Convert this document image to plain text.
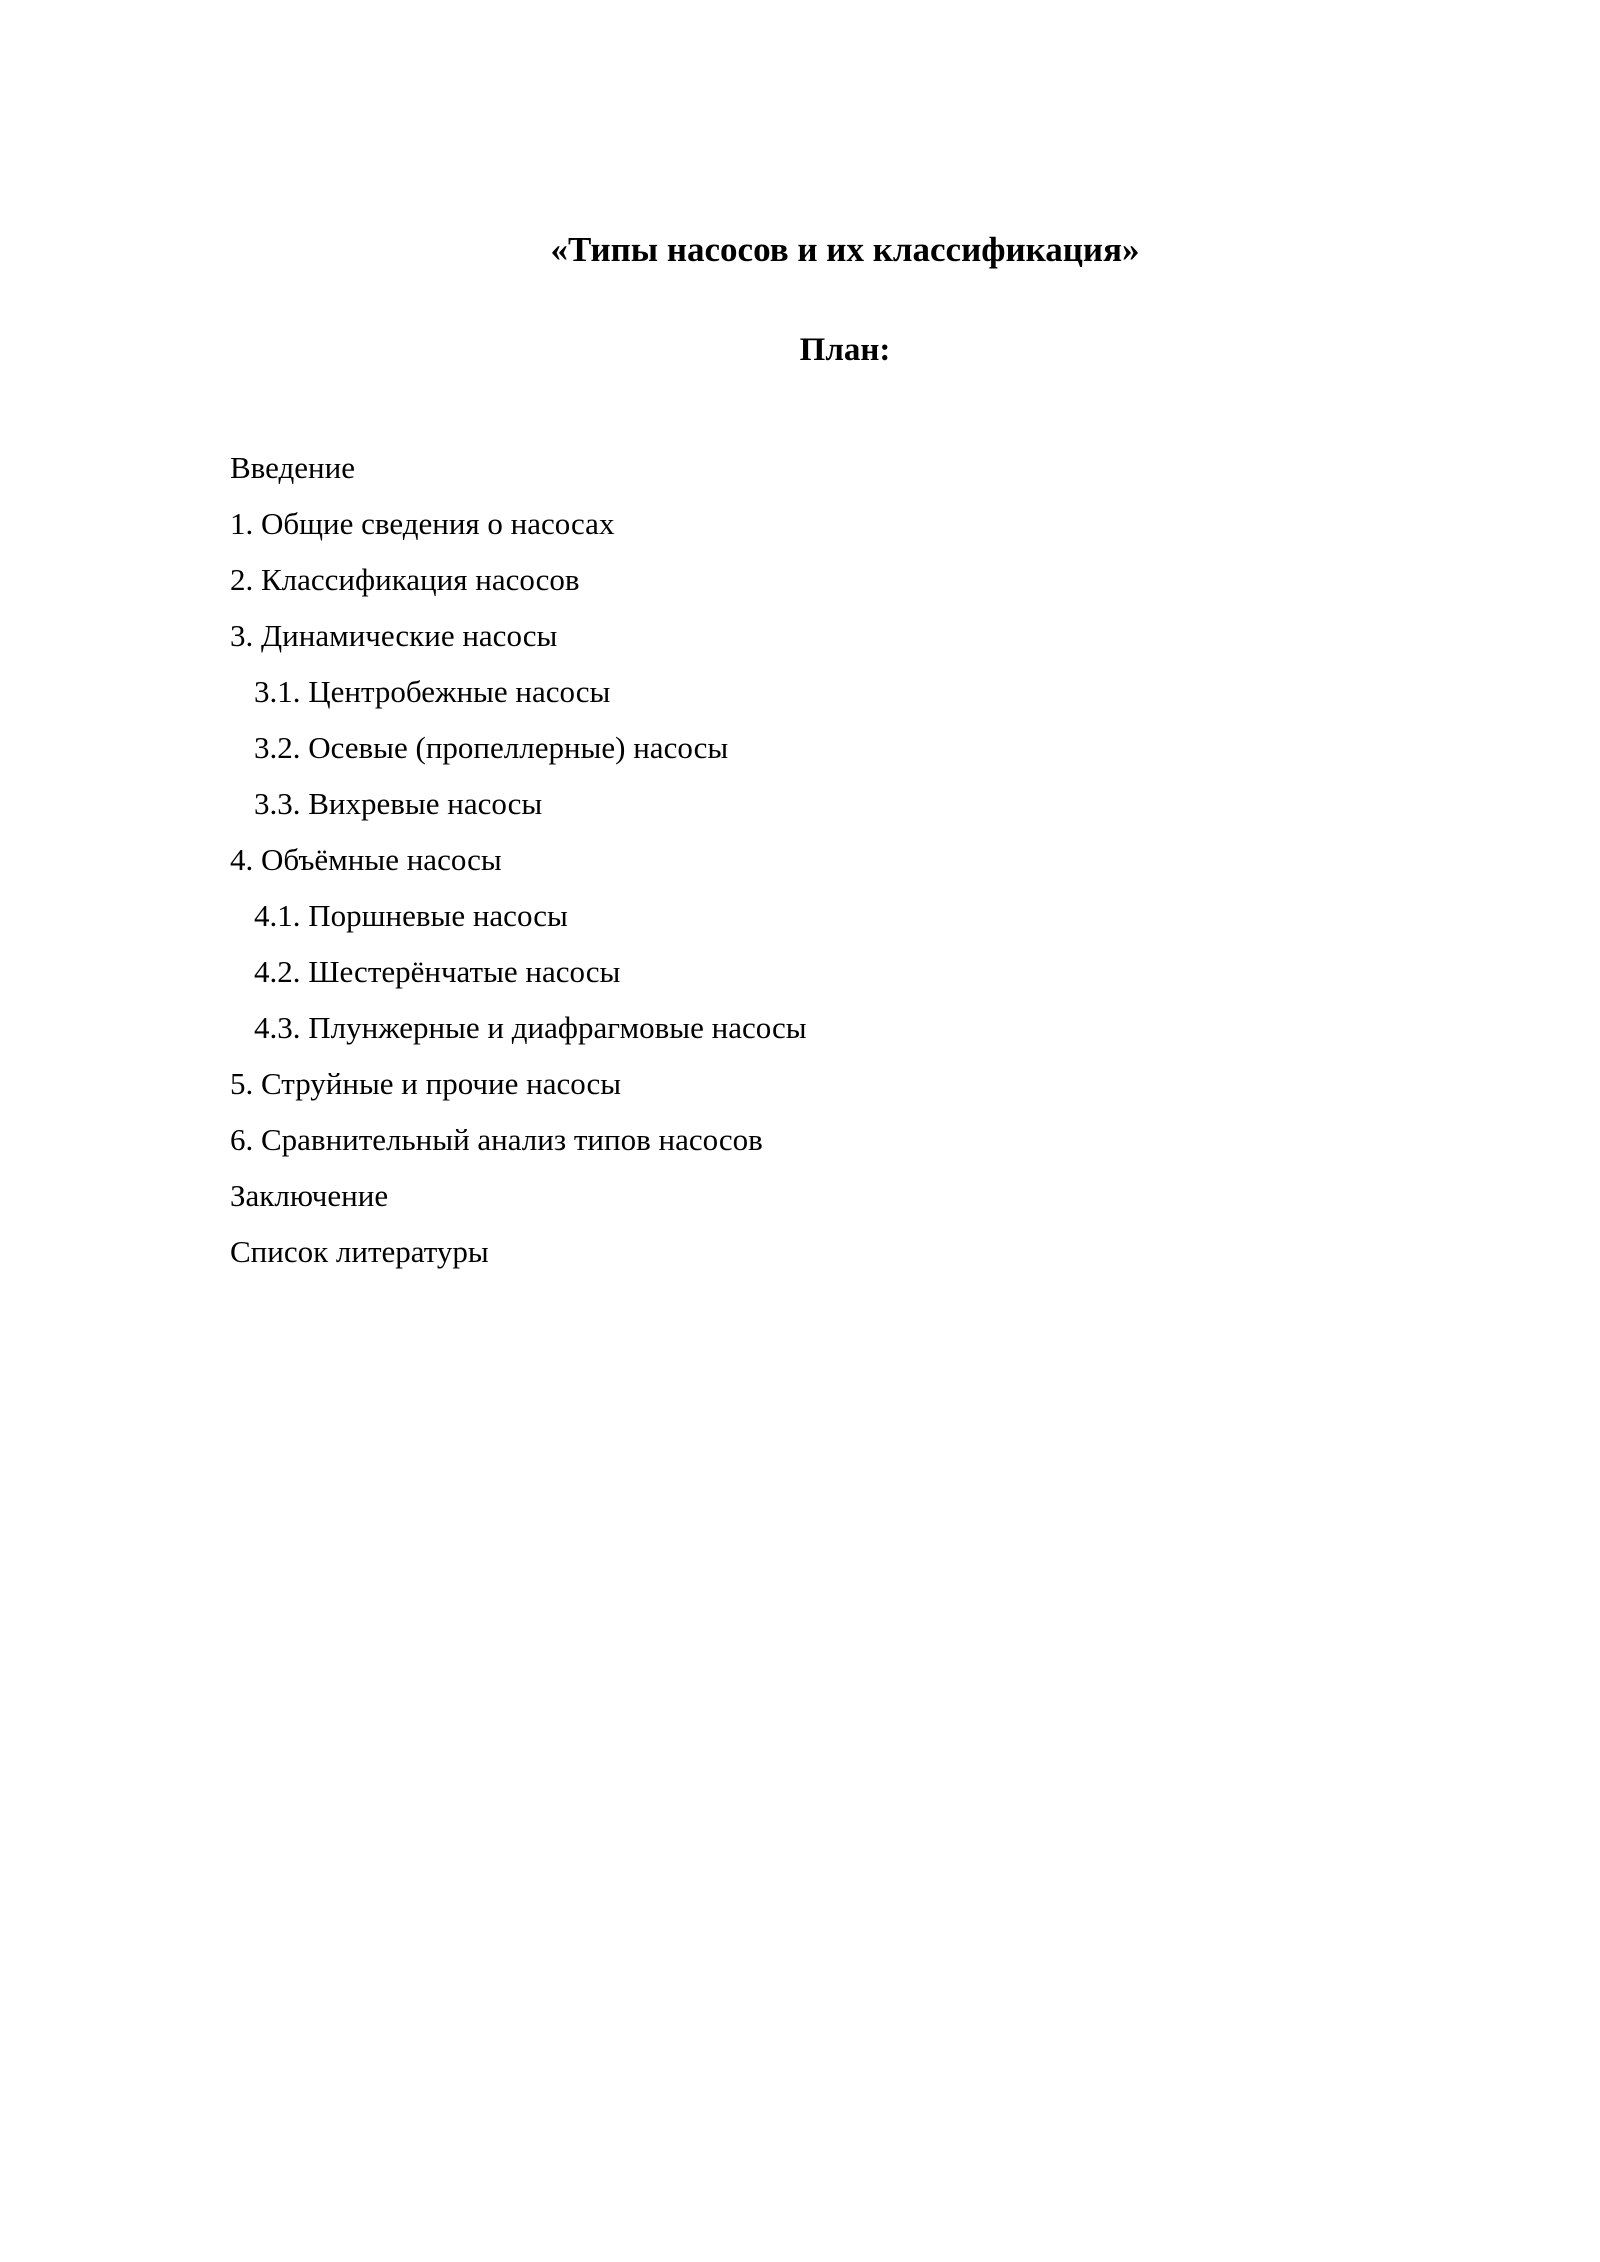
«Типы насосов и их классификация»
План:
Введение
1. Общие сведения о насосах
2. Классификация насосов
3. Динамические насосы
3.1. Центробежные насосы
3.2. Осевые (пропеллерные) насосы
3.3. Вихревые насосы
4. Объёмные насосы
4.1. Поршневые насосы
4.2. Шестерёнчатые насосы
4.3. Плунжерные и диафрагмовые насосы
5. Струйные и прочие насосы
6. Сравнительный анализ типов насосов
Заключение
Список литературы
